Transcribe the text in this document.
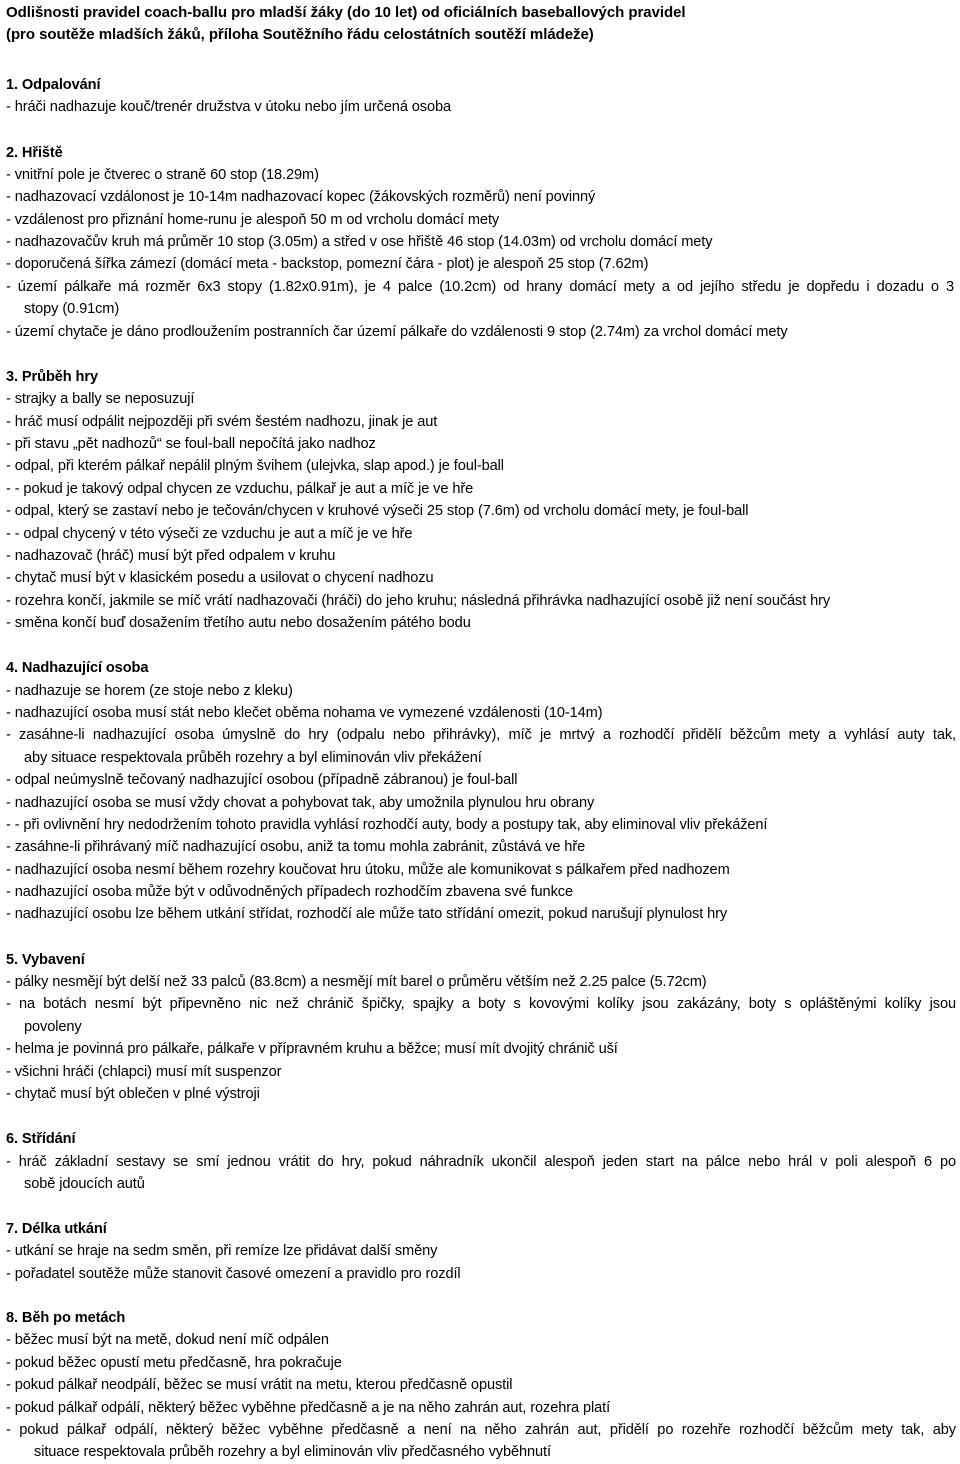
Odlišnosti pravidel coach-ballu pro mladší žáky (do 10 let) od oficiálních baseballových pravidel
(pro soutěže mladších žáků, příloha Soutěžního řádu celostátních soutěží mládeže)
1. Odpalování
- hráči nadhazuje kouč/trenér družstva v útoku nebo jím určená osoba
2. Hřiště
- vnitřní pole je čtverec o straně 60 stop (18.29m)
- nadhazovací vzdálonost je 10-14m nadhazovací kopec (žákovských rozměrů) není povinný
- vzdálenost pro přiznání home-runu je alespoň 50 m od vrcholu domácí mety
- nadhazovačův kruh má průměr 10 stop (3.05m) a střed v ose hřiště 46 stop (14.03m) od vrcholu domácí mety
- doporučená šířka zámezí (domácí meta - backstop, pomezní čára - plot) je alespoň 25 stop (7.62m)
- území pálkaře má rozměr 6x3 stopy (1.82x0.91m), je 4 palce (10.2cm) od hrany domácí mety a od jejího středu je dopředu i dozadu o 3
stopy (0.91cm)
- území chytače je dáno prodloužením postranních čar území pálkaře do vzdálenosti 9 stop (2.74m) za vrchol domácí mety
3. Průběh hry
- strajky a bally se neposuzují
- hráč musí odpálit nejpozději při svém šestém nadhozu, jinak je aut
- při stavu „pět nadhozů“ se foul-ball nepočítá jako nadhoz
- odpal, při kterém pálkař nepálil plným švihem (ulejvka, slap apod.) je foul-ball
- - pokud je takový odpal chycen ze vzduchu, pálkař je aut a míč je ve hře
- odpal, který se zastaví nebo je tečován/chycen v kruhové výseči 25 stop (7.6m) od vrcholu domácí mety, je foul-ball
- - odpal chycený v této výseči ze vzduchu je aut a míč je ve hře
- nadhazovač (hráč) musí být před odpalem v kruhu
- chytač musí být v klasickém posedu a usilovat o chycení nadhozu
- rozehra končí, jakmile se míč vrátí nadhazovači (hráči) do jeho kruhu; následná přihrávka nadhazující osobě již není součást hry
- směna končí buď dosažením třetího autu nebo dosažením pátého bodu
4. Nadhazující osoba
- nadhazuje se horem (ze stoje nebo z kleku)
- nadhazující osoba musí stát nebo klečet oběma nohama ve vymezené vzdálenosti (10-14m)
- zasáhne-li nadhazující osoba úmyslně do hry (odpalu nebo přihrávky), míč je mrtvý a rozhodčí přidělí běžcům mety a vyhlásí auty tak,
aby situace respektovala průběh rozehry a byl eliminován vliv překážení
- odpal neúmyslně tečovaný nadhazující osobou (případně zábranou) je foul-ball
- nadhazující osoba se musí vždy chovat a pohybovat tak, aby umožnila plynulou hru obrany
- - při ovlivnění hry nedodržením tohoto pravidla vyhlásí rozhodčí auty, body a postupy tak, aby eliminoval vliv překážení
- zasáhne-li přihrávaný míč nadhazující osobu, aniž ta tomu mohla zabránit, zůstává ve hře
- nadhazující osoba nesmí během rozehry koučovat hru útoku, může ale komunikovat s pálkařem před nadhozem
- nadhazující osoba může být v odůvodněných případech rozhodčím zbavena své funkce
- nadhazující osobu lze během utkání střídat, rozhodčí ale může tato střídání omezit, pokud narušují plynulost hry
5. Vybavení
- pálky nesmějí být delší než 33 palců (83.8cm) a nesmějí mít barel o průměru větším než 2.25 palce (5.72cm)
- na botách nesmí být připevněno nic než chránič špičky, spajky a boty s kovovými kolíky jsou zakázány, boty s opláštěnými kolíky jsou
povoleny
- helma je povinná pro pálkaře, pálkaře v přípravném kruhu a běžce; musí mít dvojitý chránič uší
- všichni hráči (chlapci) musí mít suspenzor
- chytač musí být oblečen v plné výstroji
6. Střídání
- hráč základní sestavy se smí jednou vrátit do hry, pokud náhradník ukončil alespoň jeden start na pálce nebo hrál v poli alespoň 6 po
sobě jdoucích autů
7. Délka utkání
- utkání se hraje na sedm směn, při remíze lze přidávat další směny
- pořadatel soutěže může stanovit časové omezení a pravidlo pro rozdíl
8. Běh po metách
- běžec musí být na metě, dokud není míč odpálen
- pokud běžec opustí metu předčasně, hra pokračuje
- pokud pálkař neodpálí, běžec se musí vrátit na metu, kterou předčasně opustil
- pokud pálkař odpálí, některý běžec vyběhne předčasně a je na něho zahrán aut, rozehra platí
- pokud pálkař odpálí, některý běžec vyběhne předčasně a není na něho zahrán aut, přidělí po rozehře rozhodčí běžcům mety tak, aby
situace respektovala průběh rozehry a byl eliminován vliv předčasného vyběhnutí
